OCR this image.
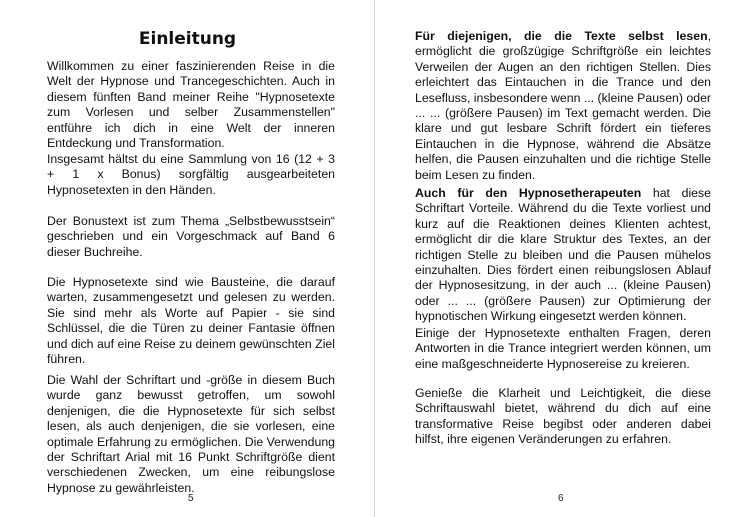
Einleitung

Willkommen zu einer faszinierenden Reise in die Welt der Hypnose und Trancegeschichten. Auch in diesem fünften Band meiner Reihe "Hypnosetexte zum Vorlesen und selber Zusammenstellen" entführe ich dich in eine Welt der inneren Entdeckung und Transformation.

Insgesamt hältst du eine Sammlung von 16 (12 + 3 + 1 x Bonus) sorgfältig ausgearbeiteten Hypnosetexten in den Händen.

Der Bonustext ist zum Thema „Selbstbewusstsein“ geschrieben und ein Vorgeschmack auf Band 6 dieser Buchreihe.

Die Hypnosetexte sind wie Bausteine, die darauf warten, zusammengesetzt und gelesen zu werden. Sie sind mehr als Worte auf Papier - sie sind Schlüssel, die die Türen zu deiner Fantasie öffnen und dich auf eine Reise zu deinem gewünschten Ziel führen.

Die Wahl der Schriftart und -größe in diesem Buch wurde ganz bewusst getroffen, um sowohl denjenigen, die die Hypnosetexte für sich selbst lesen, als auch denjenigen, die sie vorlesen, eine optimale Erfahrung zu ermöglichen. Die Verwendung der Schriftart Arial mit 16 Punkt Schriftgröße dient verschiedenen Zwecken, um eine reibungslose Hypnose zu gewährleisten.

5

Für diejenigen, die die Texte selbst lesen, ermöglicht die großzügige Schriftgröße ein leichtes Verweilen der Augen an den richtigen Stellen. Dies erleichtert das Eintauchen in die Trance und den Lesefluss, insbesondere wenn ... (kleine Pausen) oder ... ... (größere Pausen) im Text gemacht werden. Die klare und gut lesbare Schrift fördert ein tieferes Eintauchen in die Hypnose, während die Absätze helfen, die Pausen einzuhalten und die richtige Stelle beim Lesen zu finden.

Auch für den Hypnosetherapeuten hat diese Schriftart Vorteile. Während du die Texte vorliest und kurz auf die Reaktionen deines Klienten achtest, ermöglicht dir die klare Struktur des Textes, an der richtigen Stelle zu bleiben und die Pausen mühelos einzuhalten. Dies fördert einen reibungslosen Ablauf der Hypnosesitzung, in der auch ... (kleine Pausen) oder ... ... (größere Pausen) zur Optimierung der hypnotischen Wirkung eingesetzt werden können.

Einige der Hypnosetexte enthalten Fragen, deren Antworten in die Trance integriert werden können, um eine maßgeschneiderte Hypnosereise zu kreieren.

Genieße die Klarheit und Leichtigkeit, die diese Schriftauswahl bietet, während du dich auf eine transformative Reise begibst oder anderen dabei hilfst, ihre eigenen Veränderungen zu erfahren.

6
